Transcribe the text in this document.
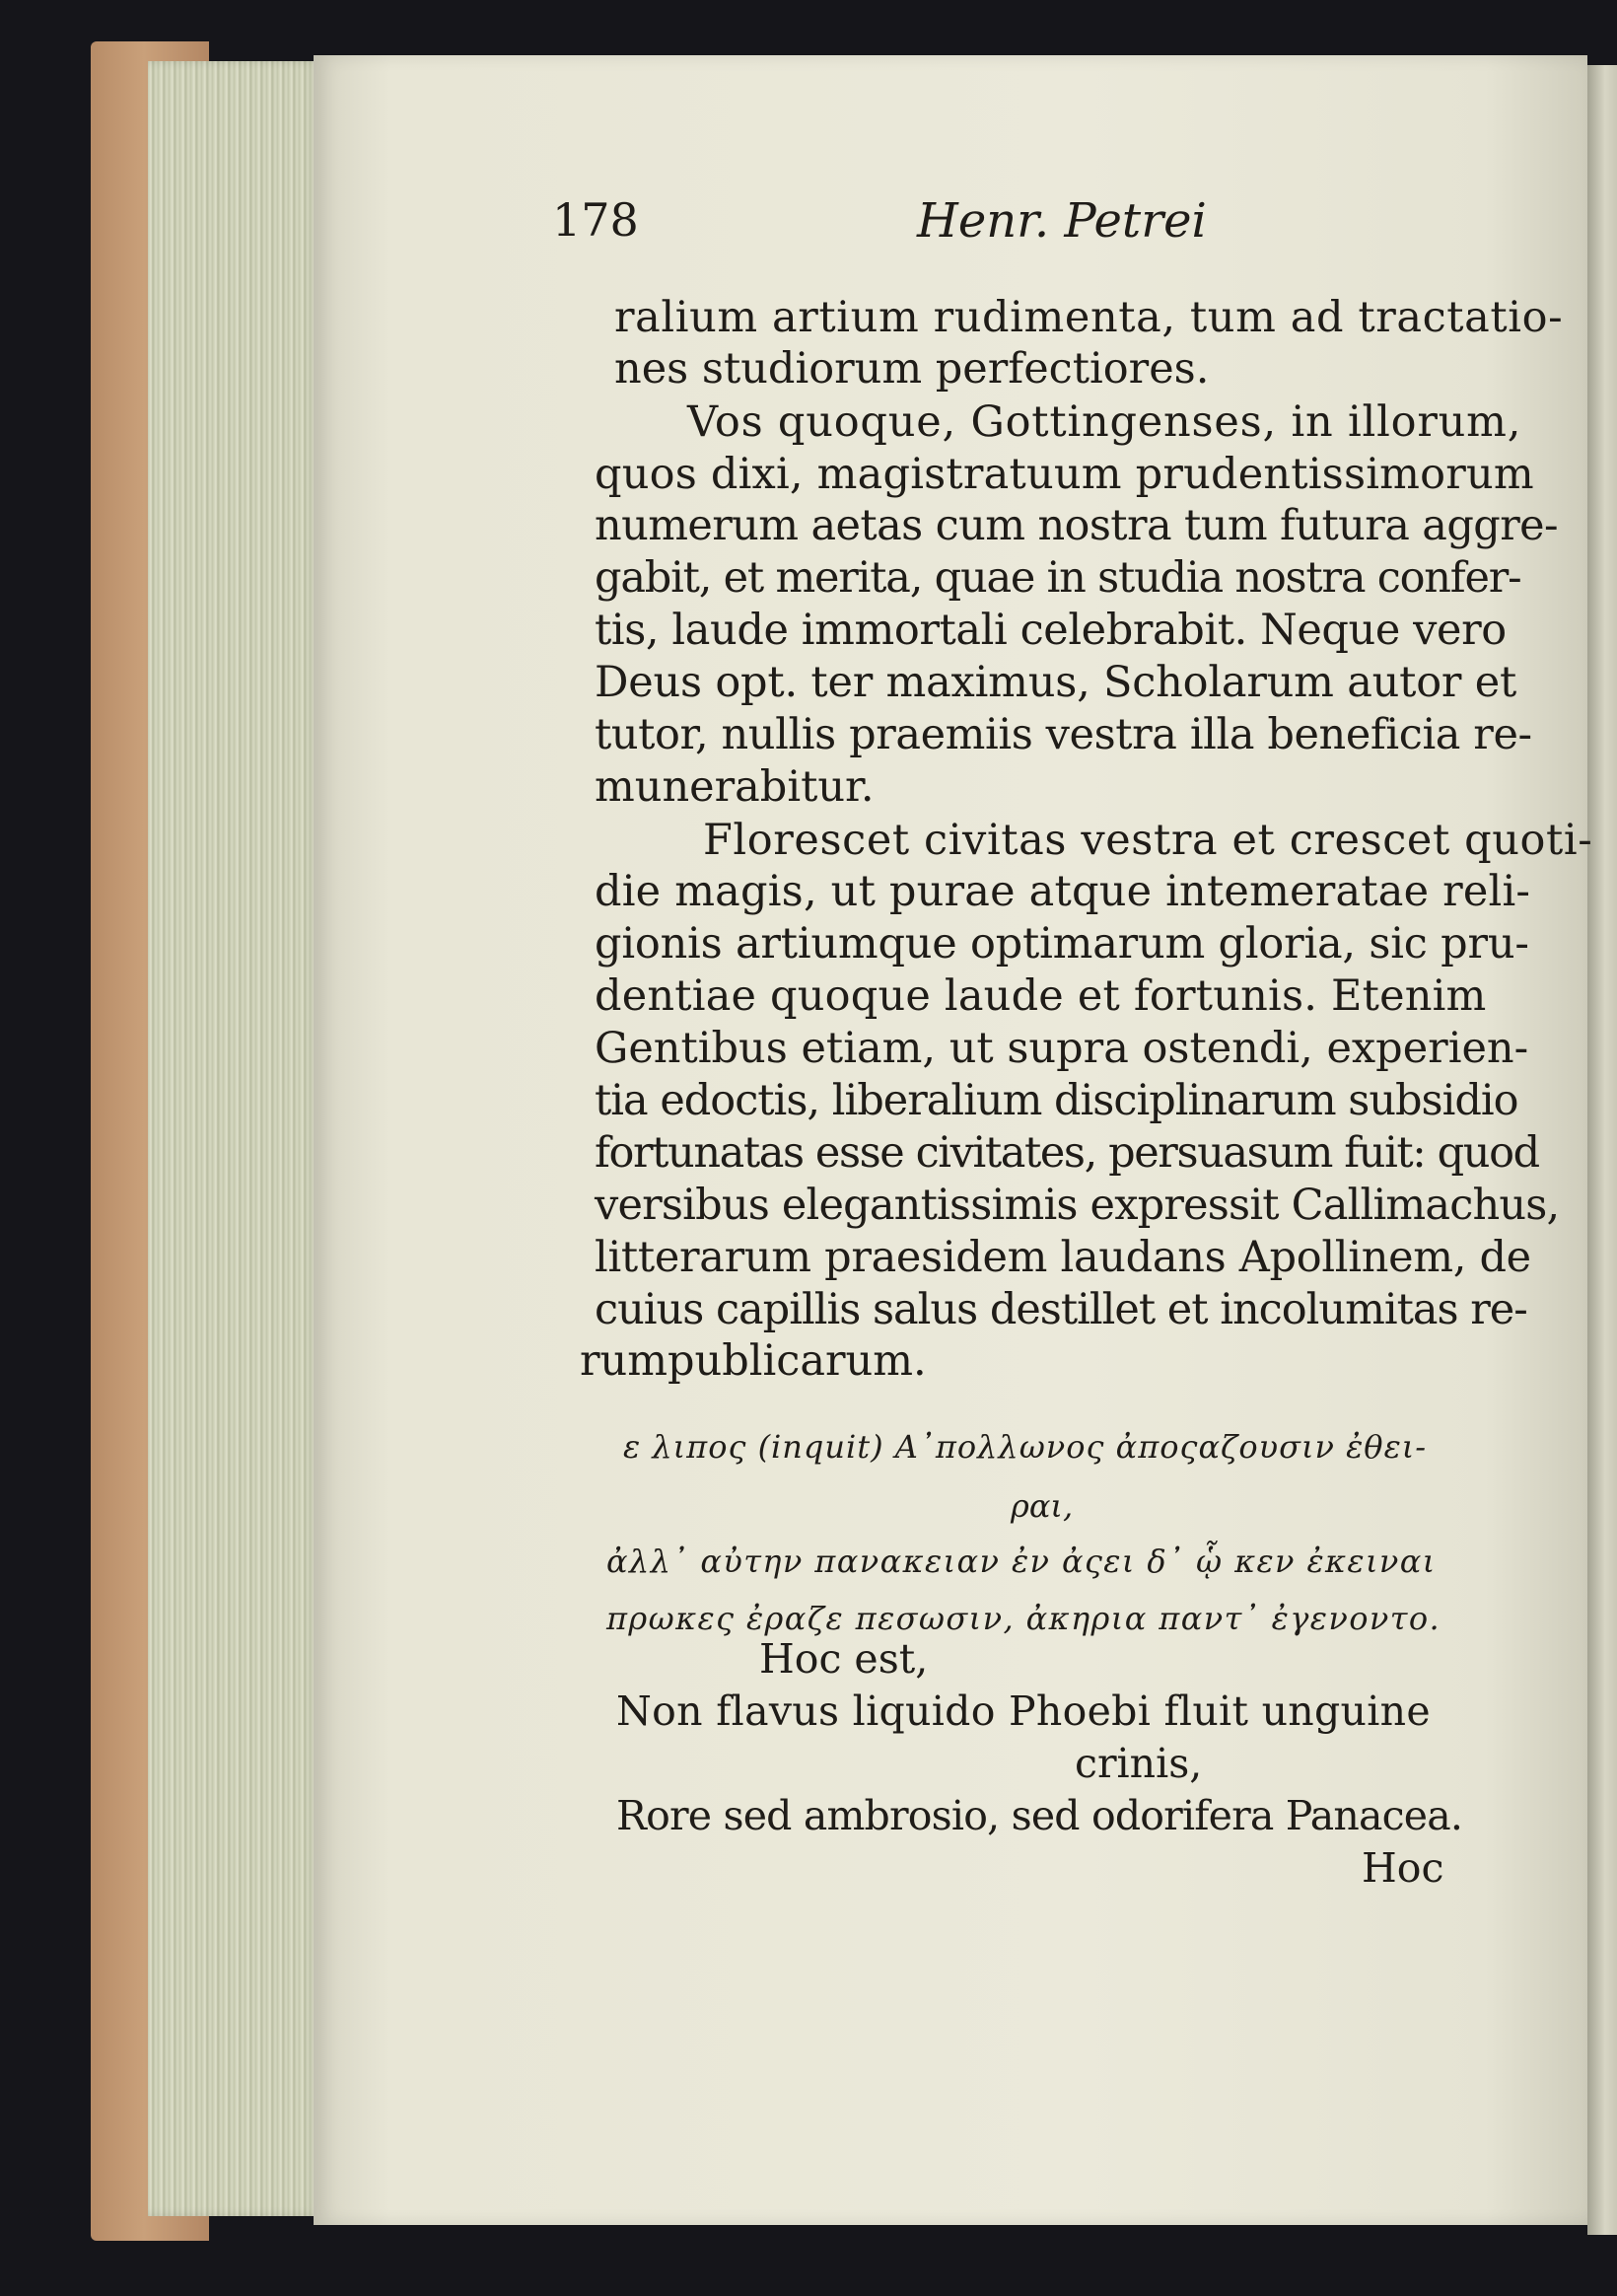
178	Henr. Petrei
ralium artium rudimenta, tum ad tractatio-
nes studiorum perfectiores.
Vos quoque, Gottingenses, in illorum,
quos dixi, magistratuum prudentissimorum
numerum aetas cum nostra tum futura aggre-
gabit, et merita, quae in studia nostra confer-
tis, laude immortali celebrabit. Neque vero
Deus opt. ter maximus, Scholarum autor et
tutor, nullis praemiis vestra illa beneficia re-
munerabitur.
Florescet civitas vestra et crescet quoti-
die magis, ut purae atque intemeratae reli-
gionis artiumque optimarum gloria, sic pru-
dentiae quoque laude et fortunis. Etenim
Gentibus etiam, ut supra ostendi, experien-
tia edoctis, liberalium disciplinarum subsidio
fortunatas esse civitates, persuasum fuit: quod
versibus elegantissimis expressit Callimachus,
litterarum praesidem laudans Apollinem, de
cuius capillis salus destillet et incolumitas re-
rumpublicarum.
ε λιπος (inquit) Α᾿πολλωνος ἀποςαζουσιν ἐθει-
ραι,
ἀλλ᾿ αὐτην πανακειαν ἐν ἀςει δ᾿ ᾧ κεν ἐκειναι
πρωκες ἐραζε πεσωσιν, ἀκηρια παντ᾿ ἐγενοντο.
Hoc est,
Non flavus liquido Phoebi fluit unguine
crinis,
Rore sed ambrosio, sed odorifera Panacea.
Hoc
